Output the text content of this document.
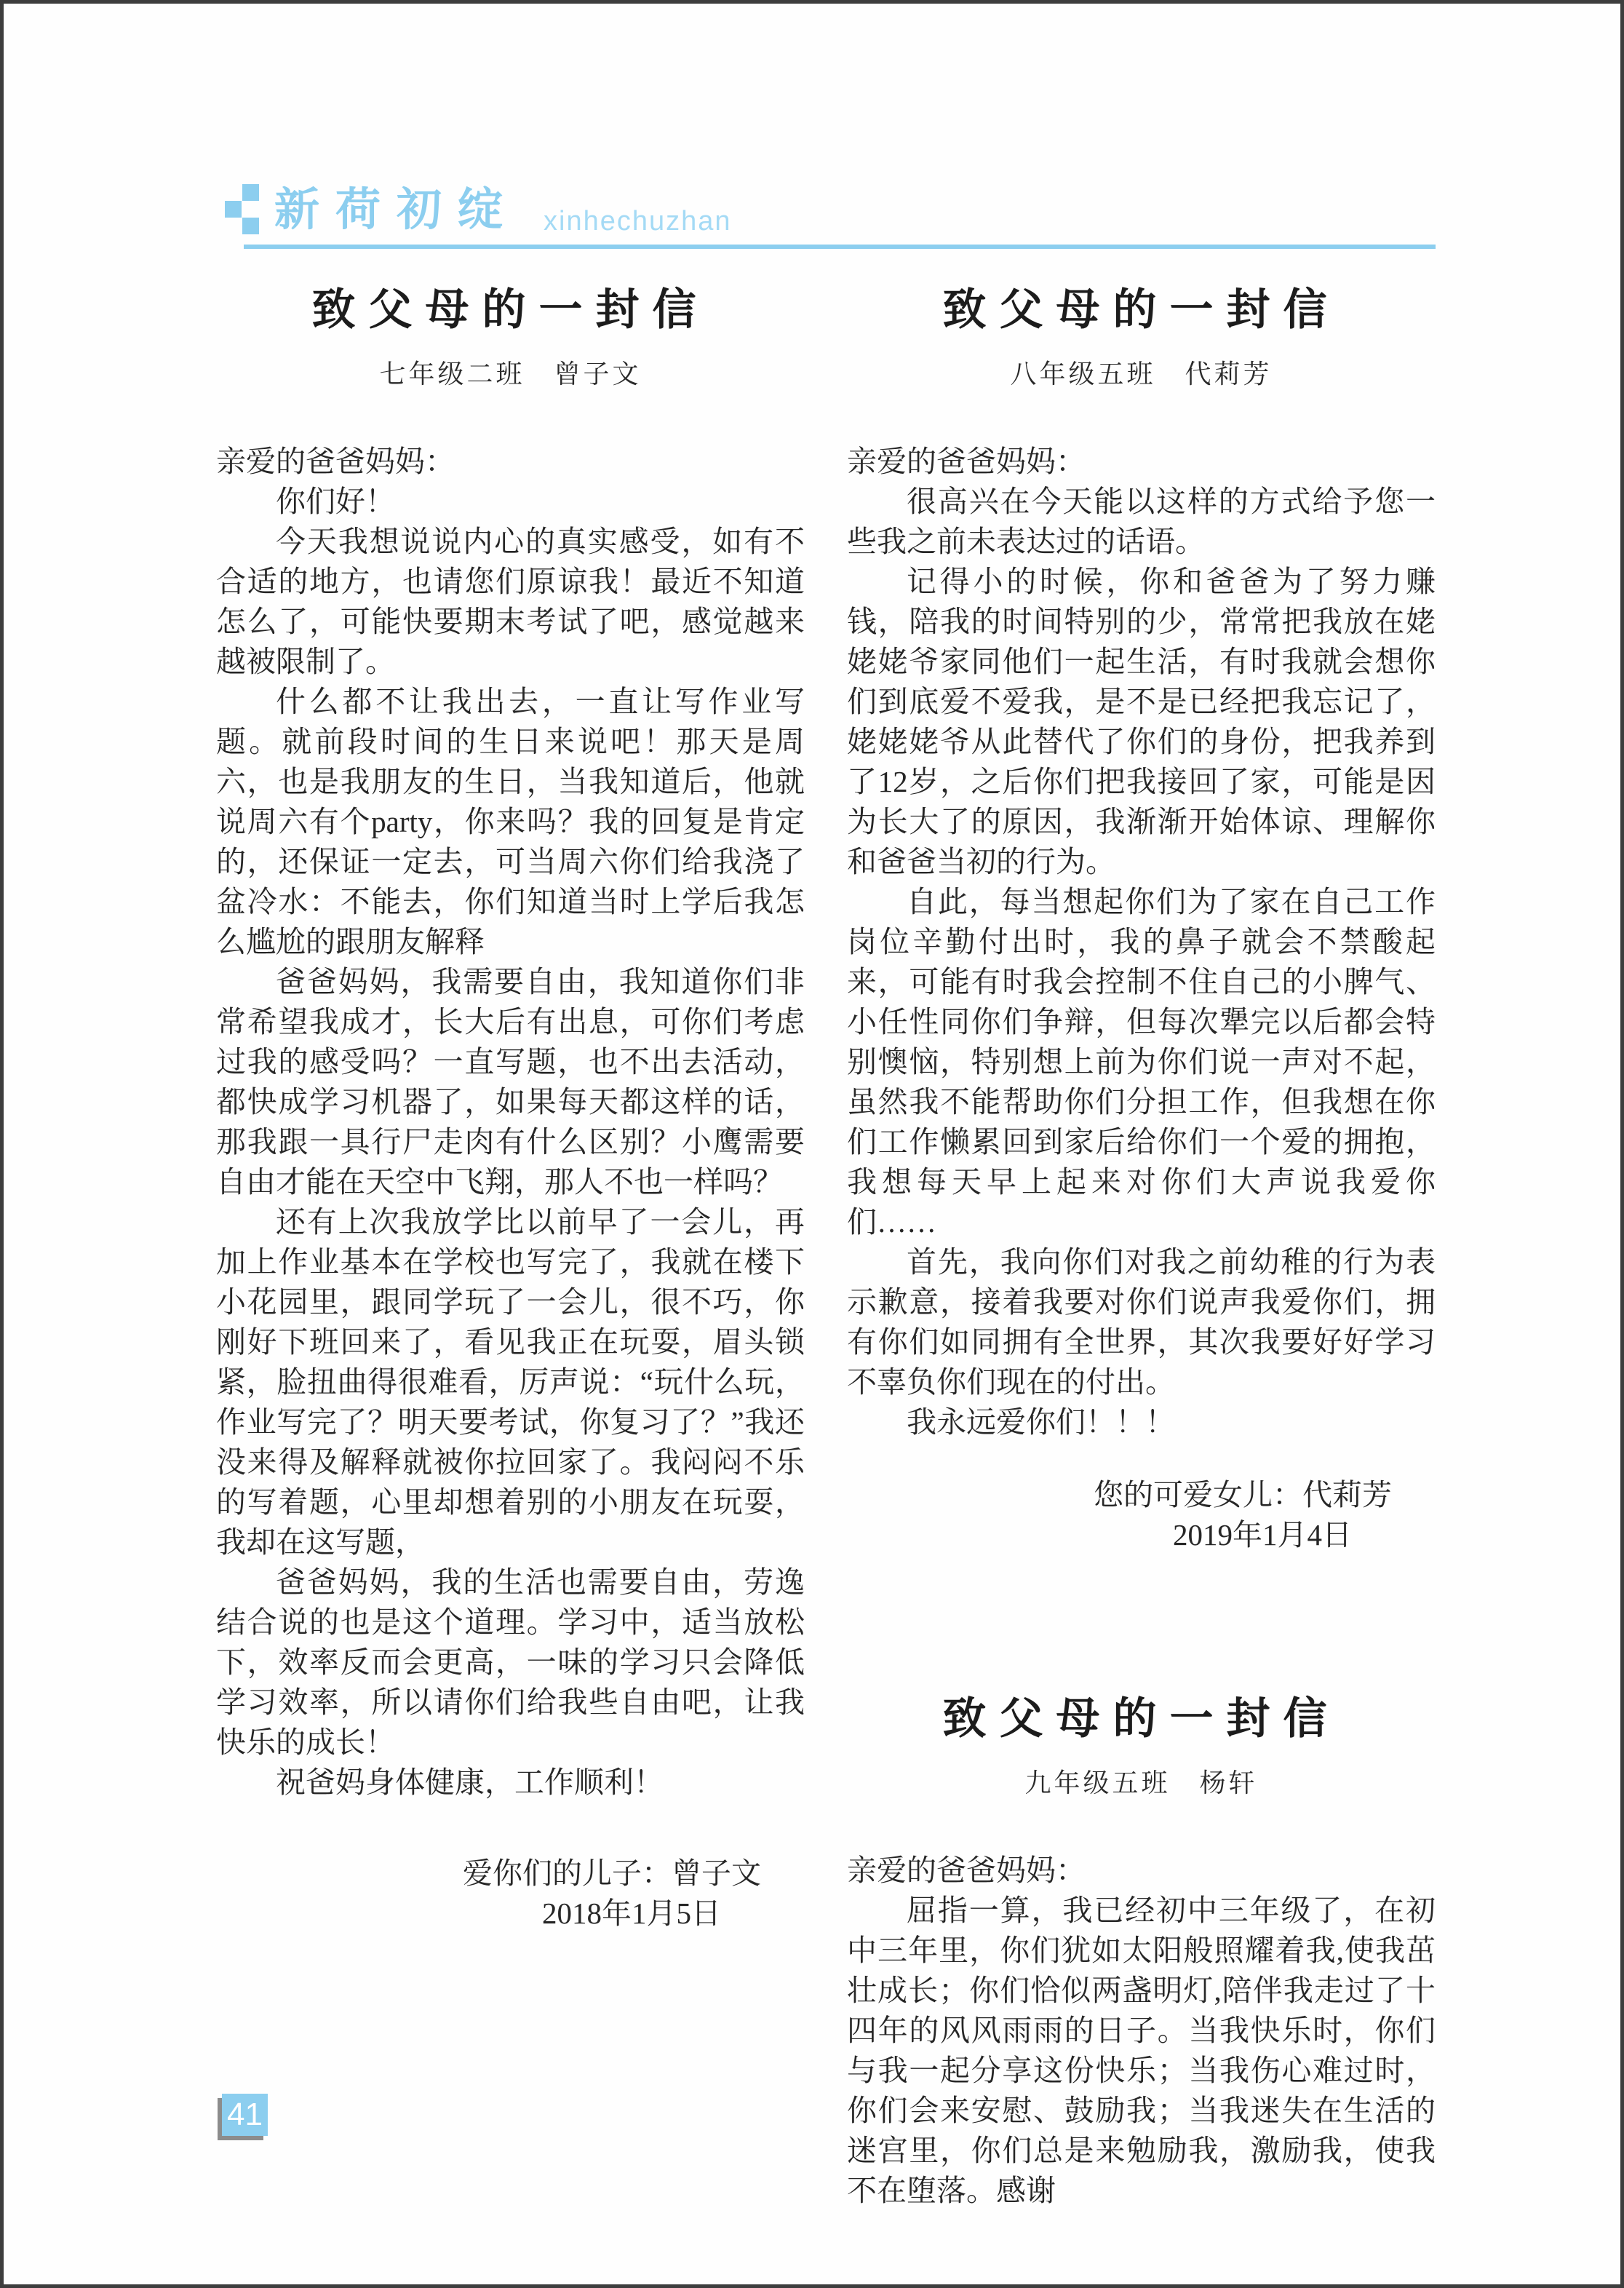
新荷初绽 xinhechuzhan
致父母的一封信
七年级二班　曾子文

亲爱的爸爸妈妈：

你们好！

今天我想说说内心的真实感受，如有不合适的地方，也请您们原谅我！最近不知道怎么了，可能快要期末考试了吧，感觉越来越被限制了。

什么都不让我出去，一直让写作业写题。就前段时间的生日来说吧！那天是周六，也是我朋友的生日，当我知道后，他就说周六有个party，你来吗？我的回复是肯定的，还保证一定去，可当周六你们给我浇了盆冷水：不能去，你们知道当时上学后我怎么尴尬的跟朋友解释

爸爸妈妈，我需要自由，我知道你们非常希望我成才，长大后有出息，可你们考虑过我的感受吗？一直写题，也不出去活动，都快成学习机器了，如果每天都这样的话，那我跟一具行尸走肉有什么区别？小鹰需要自由才能在天空中飞翔，那人不也一样吗？

还有上次我放学比以前早了一会儿，再加上作业基本在学校也写完了，我就在楼下小花园里，跟同学玩了一会儿，很不巧，你刚好下班回来了，看见我正在玩耍，眉头锁紧，脸扭曲得很难看，厉声说：“玩什么玩，作业写完了？明天要考试，你复习了？”我还没来得及解释就被你拉回家了。我闷闷不乐的写着题，心里却想着别的小朋友在玩耍，我却在这写题，

爸爸妈妈，我的生活也需要自由，劳逸结合说的也是这个道理。学习中，适当放松下，效率反而会更高，一味的学习只会降低学习效率，所以请你们给我些自由吧，让我快乐的成长！

祝爸妈身体健康，工作顺利！

爱你们的儿子：曾子文
2018年1月5日
致父母的一封信
八年级五班　代莉芳

亲爱的爸爸妈妈：

很高兴在今天能以这样的方式给予您一些我之前未表达过的话语。

记得小的时候，你和爸爸为了努力赚钱，陪我的时间特别的少，常常把我放在姥姥姥爷家同他们一起生活，有时我就会想你们到底爱不爱我，是不是已经把我忘记了，姥姥姥爷从此替代了你们的身份，把我养到了12岁，之后你们把我接回了家，可能是因为长大了的原因，我渐渐开始体谅、理解你和爸爸当初的行为。

自此，每当想起你们为了家在自己工作岗位辛勤付出时，我的鼻子就会不禁酸起来，可能有时我会控制不住自己的小脾气、小任性同你们争辩，但每次犟完以后都会特别懊恼，特别想上前为你们说一声对不起，虽然我不能帮助你们分担工作，但我想在你们工作懒累回到家后给你们一个爱的拥抱，我想每天早上起来对你们大声说我爱你们……

首先，我向你们对我之前幼稚的行为表示歉意，接着我要对你们说声我爱你们，拥有你们如同拥有全世界，其次我要好好学习不辜负你们现在的付出。

我永远爱你们！！！

您的可爱女儿：代莉芳
2019年1月4日
致父母的一封信
九年级五班　杨轩

亲爱的爸爸妈妈：

屈指一算，我已经初中三年级了，在初中三年里，你们犹如太阳般照耀着我,使我茁壮成长；你们恰似两盏明灯,陪伴我走过了十四年的风风雨雨的日子。当我快乐时，你们与我一起分享这份快乐；当我伤心难过时，你们会来安慰、鼓励我；当我迷失在生活的迷宫里，你们总是来勉励我，激励我，使我不在堕落。感谢

41
